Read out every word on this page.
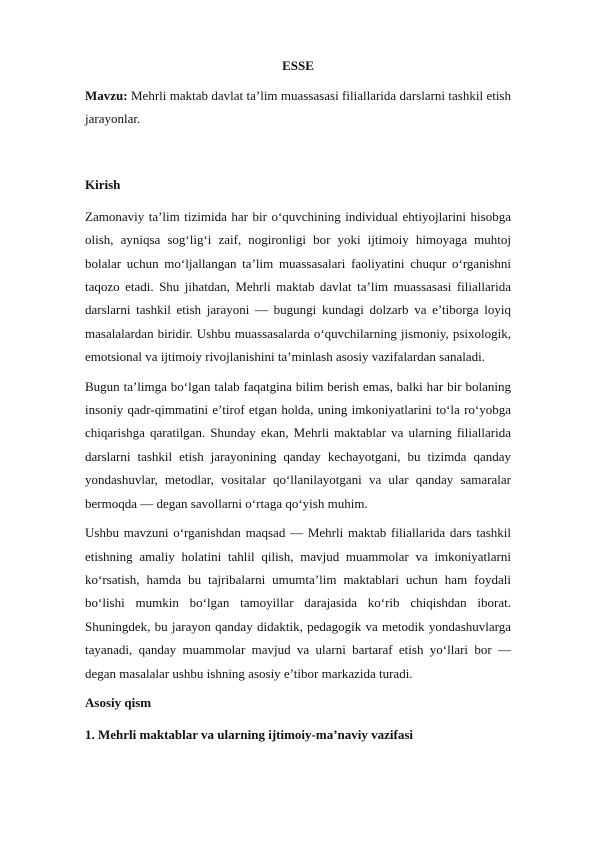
ESSE

Mavzu: Mehrli maktab davlat ta’lim muassasasi filiallarida darslarni tashkil etish jarayonlar.

Kirish

Zamonaviy ta’lim tizimida har bir o‘quvchining individual ehtiyojlarini hisobga olish, ayniqsa sog‘lig‘i zaif, nogironligi bor yoki ijtimoiy himoyaga muhtoj bolalar uchun mo‘ljallangan ta’lim muassasalari faoliyatini chuqur o‘rganishni taqozo etadi. Shu jihatdan, Mehrli maktab davlat ta’lim muassasasi filiallarida darslarni tashkil etish jarayoni — bugungi kundagi dolzarb va e’tiborga loyiq masalalardan biridir. Ushbu muassasalarda o‘quvchilarning jismoniy, psixologik, emotsional va ijtimoiy rivojlanishini ta’minlash asosiy vazifalardan sanaladi.

Bugun ta’limga bo‘lgan talab faqatgina bilim berish emas, balki har bir bolaning insoniy qadr-qimmatini e’tirof etgan holda, uning imkoniyatlarini to‘la ro‘yobga chiqarishga qaratilgan. Shunday ekan, Mehrli maktablar va ularning filiallarida darslarni tashkil etish jarayonining qanday kechayotgani, bu tizimda qanday yondashuvlar, metodlar, vositalar qo‘llanilayotgani va ular qanday samaralar bermoqda — degan savollarni o‘rtaga qo‘yish muhim.

Ushbu mavzuni o‘rganishdan maqsad — Mehrli maktab filiallarida dars tashkil etishning amaliy holatini tahlil qilish, mavjud muammolar va imkoniyatlarni ko‘rsatish, hamda bu tajribalarni umumta’lim maktablari uchun ham foydali bo‘lishi mumkin bo‘lgan tamoyillar darajasida ko‘rib chiqishdan iborat. Shuningdek, bu jarayon qanday didaktik, pedagogik va metodik yondashuvlarga tayanadi, qanday muammolar mavjud va ularni bartaraf etish yo‘llari bor — degan masalalar ushbu ishning asosiy e’tibor markazida turadi.

Asosiy qism
1. Mehrli maktablar va ularning ijtimoiy-ma’naviy vazifasi
